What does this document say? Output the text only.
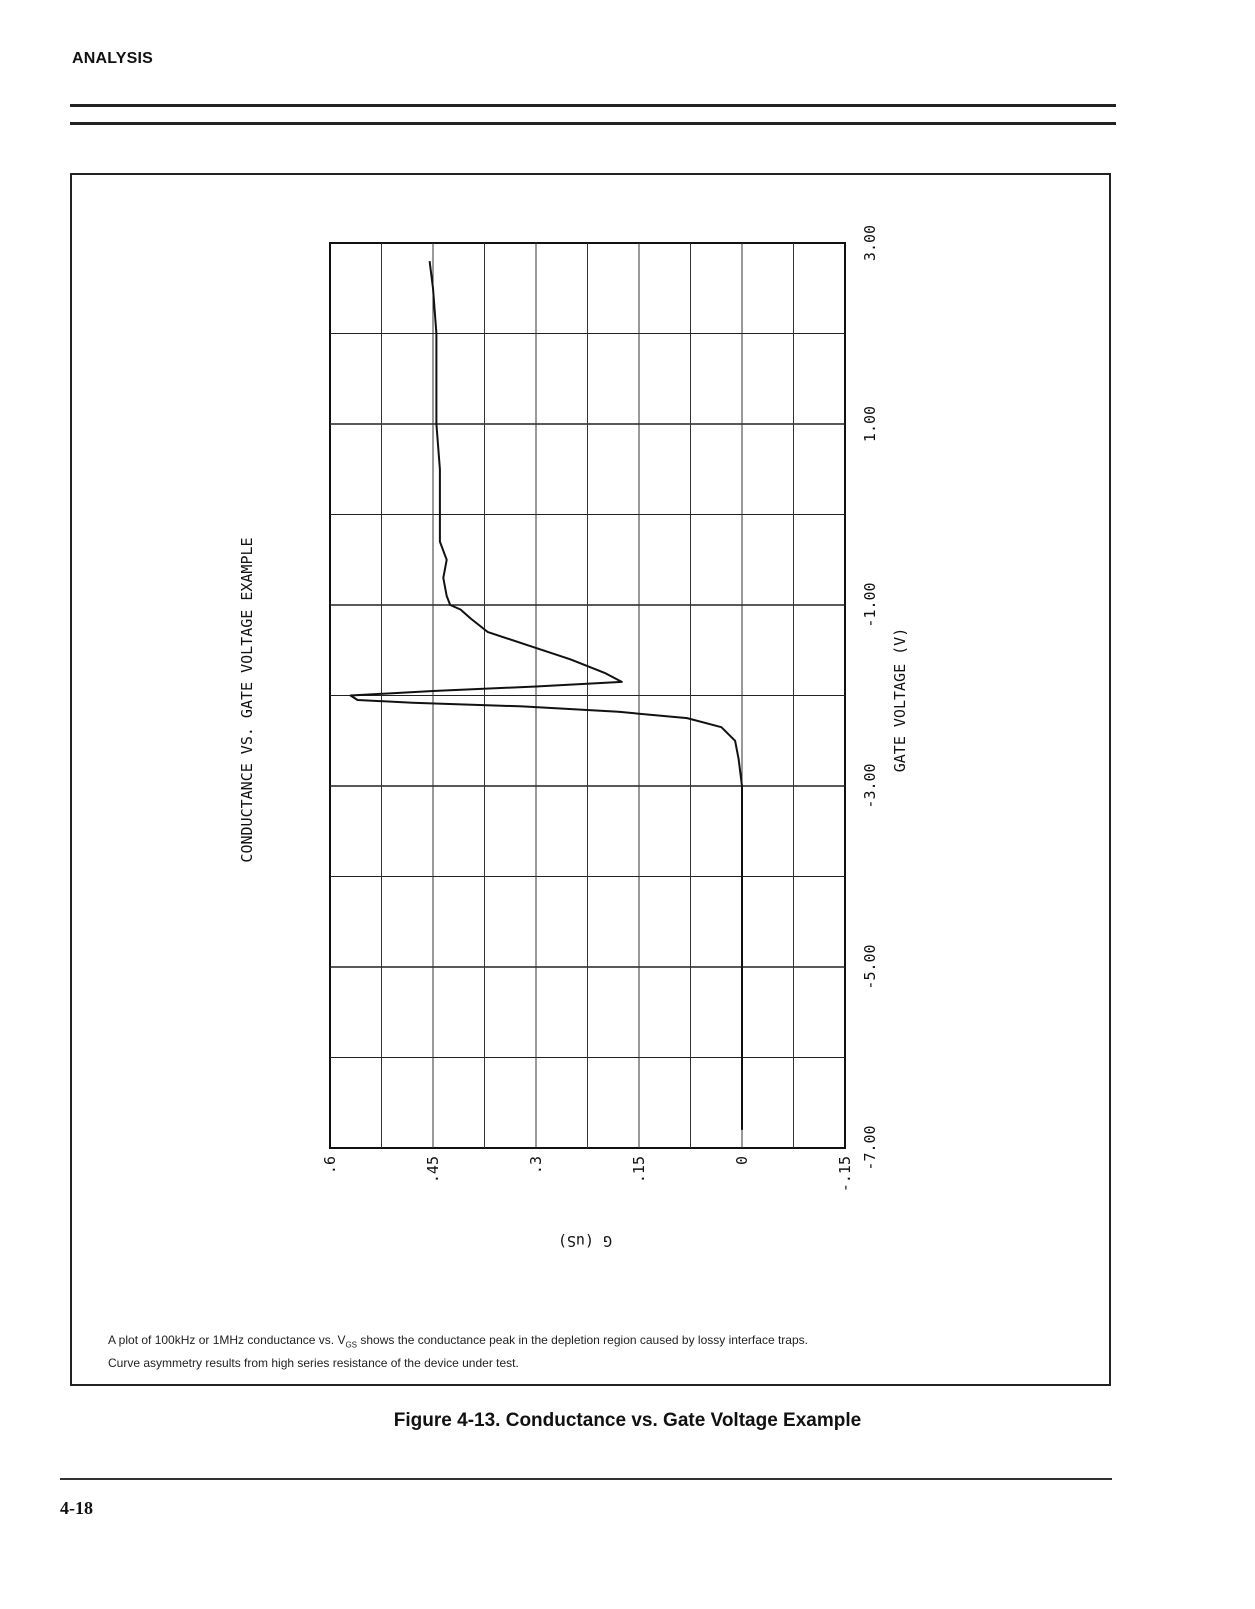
ANALYSIS
-7.00
-5.00
-3.00
-1.00
1.00
3.00
.6	.45	.3	.15	0	-.15
GATE VOLTAGE (V)
G (uS)
CONDUCTANCE VS. GATE VOLTAGE EXAMPLE
A plot of 100kHz or 1MHz conductance vs. $V_{GS}$ shows the conductance peak in the depletion region caused by lossy interface traps.
Curve asymmetry results from high series resistance of the device under test.
Figure 4-13. Conductance vs. Gate Voltage Example
4-18
